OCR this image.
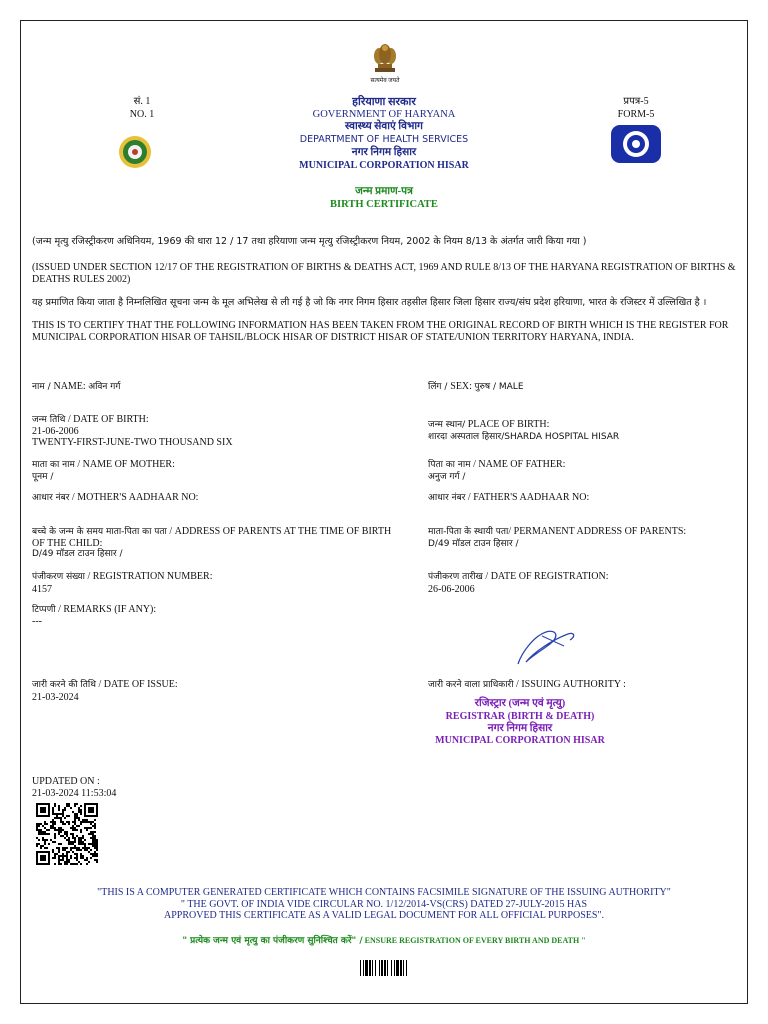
सत्यमेव जयते
सं. 1
NO. 1
हरियाणा सरकार
GOVERNMENT OF HARYANA
स्वास्थ्य सेवाएं विभाग
DEPARTMENT OF HEALTH SERVICES
नगर निगम हिसार
MUNICIPAL CORPORATION HISAR
जन्म प्रमाण-पत्र
BIRTH CERTIFICATE
प्रपत्र-5
FORM-5
(जन्म मृत्यु रजिस्ट्रीकरण अधिनियम, 1969 की धारा 12 / 17 तथा हरियाणा जन्म मृत्यु रजिस्ट्रीकरण नियम, 2002 के नियम 8/13 के अंतर्गत जारी किया गया )
(ISSUED UNDER SECTION 12/17 OF THE REGISTRATION OF BIRTHS & DEATHS ACT, 1969 AND RULE 8/13 OF THE HARYANA REGISTRATION OF BIRTHS & DEATHS RULES 2002)
यह प्रमाणित किया जाता है निम्नलिखित सूचना जन्म के मूल अभिलेख से ली गई है जो कि नगर निगम हिसार तहसील हिसार जिला हिसार राज्य/संघ प्रदेश हरियाणा, भारत के रजिस्टर में उल्लिखित है ।
THIS IS TO CERTIFY THAT THE FOLLOWING INFORMATION HAS BEEN TAKEN FROM THE ORIGINAL RECORD OF BIRTH WHICH IS THE REGISTER FOR MUNICIPAL CORPORATION HISAR OF TAHSIL/BLOCK HISAR OF DISTRICT HISAR OF STATE/UNION TERRITORY HARYANA, INDIA.
नाम / NAME: अविन गर्ग
जन्म तिथि / DATE OF BIRTH:
21-06-2006
TWENTY-FIRST-JUNE-TWO THOUSAND SIX
माता का नाम / NAME OF MOTHER:
पूनम /
आधार नंबर / MOTHER'S AADHAAR NO:
बच्चे के जन्म के समय माता-पिता का पता / ADDRESS OF PARENTS AT THE TIME OF BIRTH OF THE CHILD:
D/49 मॉडल टाउन हिसार /
पंजीकरण संख्या / REGISTRATION NUMBER:
4157
टिप्पणी / REMARKS (IF ANY):
---
जारी करने की तिथि / DATE OF ISSUE:
21-03-2024
लिंग / SEX: पुरुष / MALE
जन्म स्थान/ PLACE OF BIRTH:
शारदा अस्पताल हिसार/SHARDA HOSPITAL HISAR
पिता का नाम / NAME OF FATHER:
अनुज गर्ग /
आधार नंबर / FATHER'S AADHAAR NO:
माता-पिता के स्थायी पता/ PERMANENT ADDRESS OF PARENTS:
D/49 मॉडल टाउन हिसार /
पंजीकरण तारीख / DATE OF REGISTRATION:
26-06-2006
जारी करने वाला प्राधिकारी / ISSUING AUTHORITY :
रजिस्ट्रार (जन्म एवं मृत्यु)
REGISTRAR (BIRTH & DEATH)
नगर निगम हिसार
MUNICIPAL CORPORATION HISAR
UPDATED ON :
21-03-2024 11:53:04
"THIS IS A COMPUTER GENERATED CERTIFICATE WHICH CONTAINS FACSIMILE SIGNATURE OF THE ISSUING AUTHORITY"
" THE GOVT. OF INDIA VIDE CIRCULAR NO. 1/12/2014-VS(CRS) DATED 27-JULY-2015 HAS
APPROVED THIS CERTIFICATE AS A VALID LEGAL DOCUMENT FOR ALL OFFICIAL PURPOSES".
" प्रत्येक जन्म एवं मृत्यु का पंजीकरण सुनिश्चित करें" / ENSURE REGISTRATION OF EVERY BIRTH AND DEATH "
